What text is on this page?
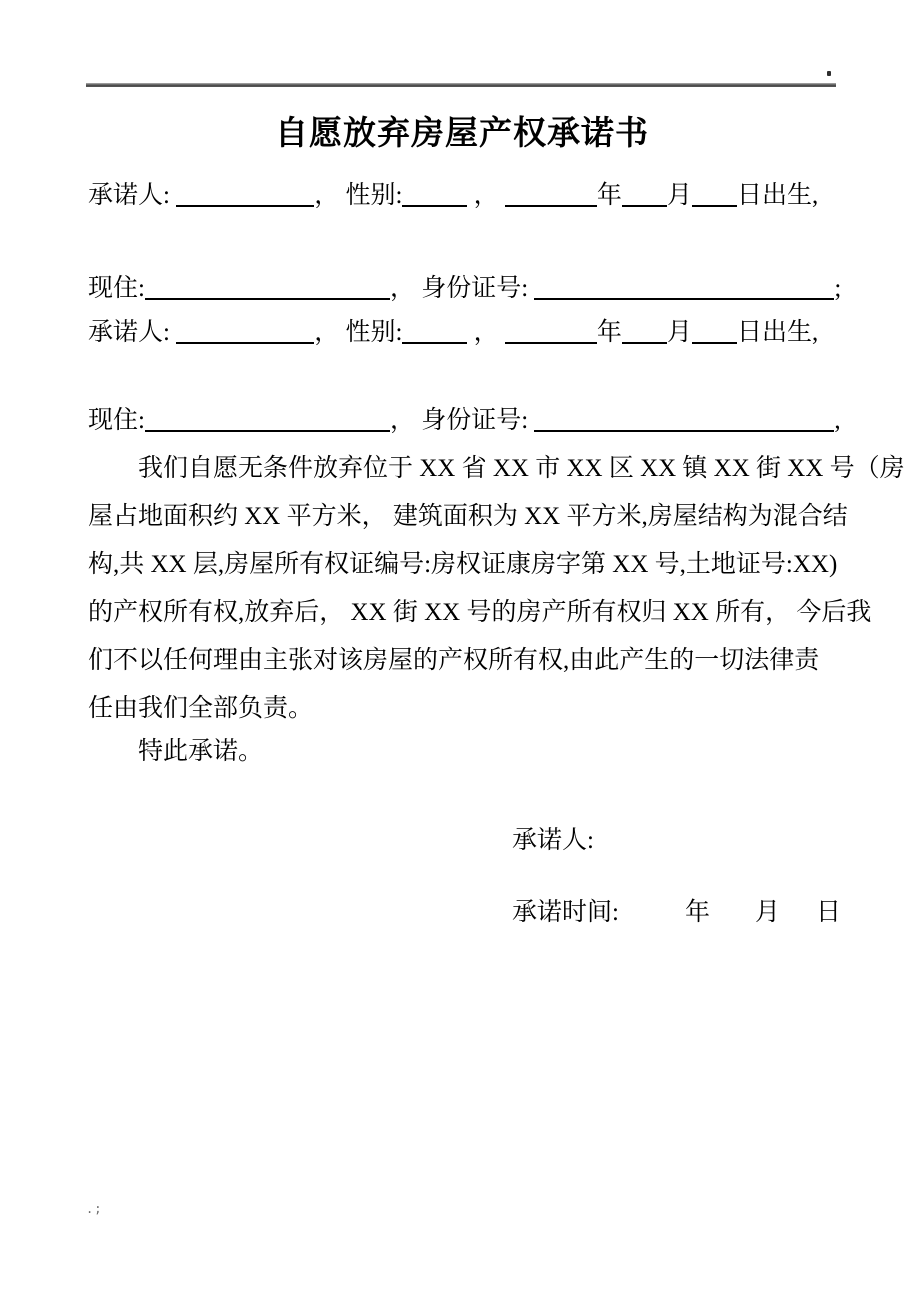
自愿放弃房屋产权承诺书
承诺人:	， 性别:	，	年 月 日出生,
现住:	， 身份证号:	;
承诺人:	， 性别:	，	年 月 日出生,
现住:	， 身份证号:	,
我们自愿无条件放弃位于 XX 省 XX 市 XX 区 XX 镇 XX 街 XX 号（房
屋占地面积约 XX 平方米， 建筑面积为 XX 平方米,房屋结构为混合结
构,共 XX 层,房屋所有权证编号:房权证康房字第 XX 号,土地证号:XX)
的产权所有权,放弃后， XX 街 XX 号的房产所有权归 XX 所有， 今后我
们不以任何理由主张对该房屋的产权所有权,由此产生的一切法律责
任由我们全部负责。
特此承诺。
承诺人:
承诺时间:	年 月 日
.;
